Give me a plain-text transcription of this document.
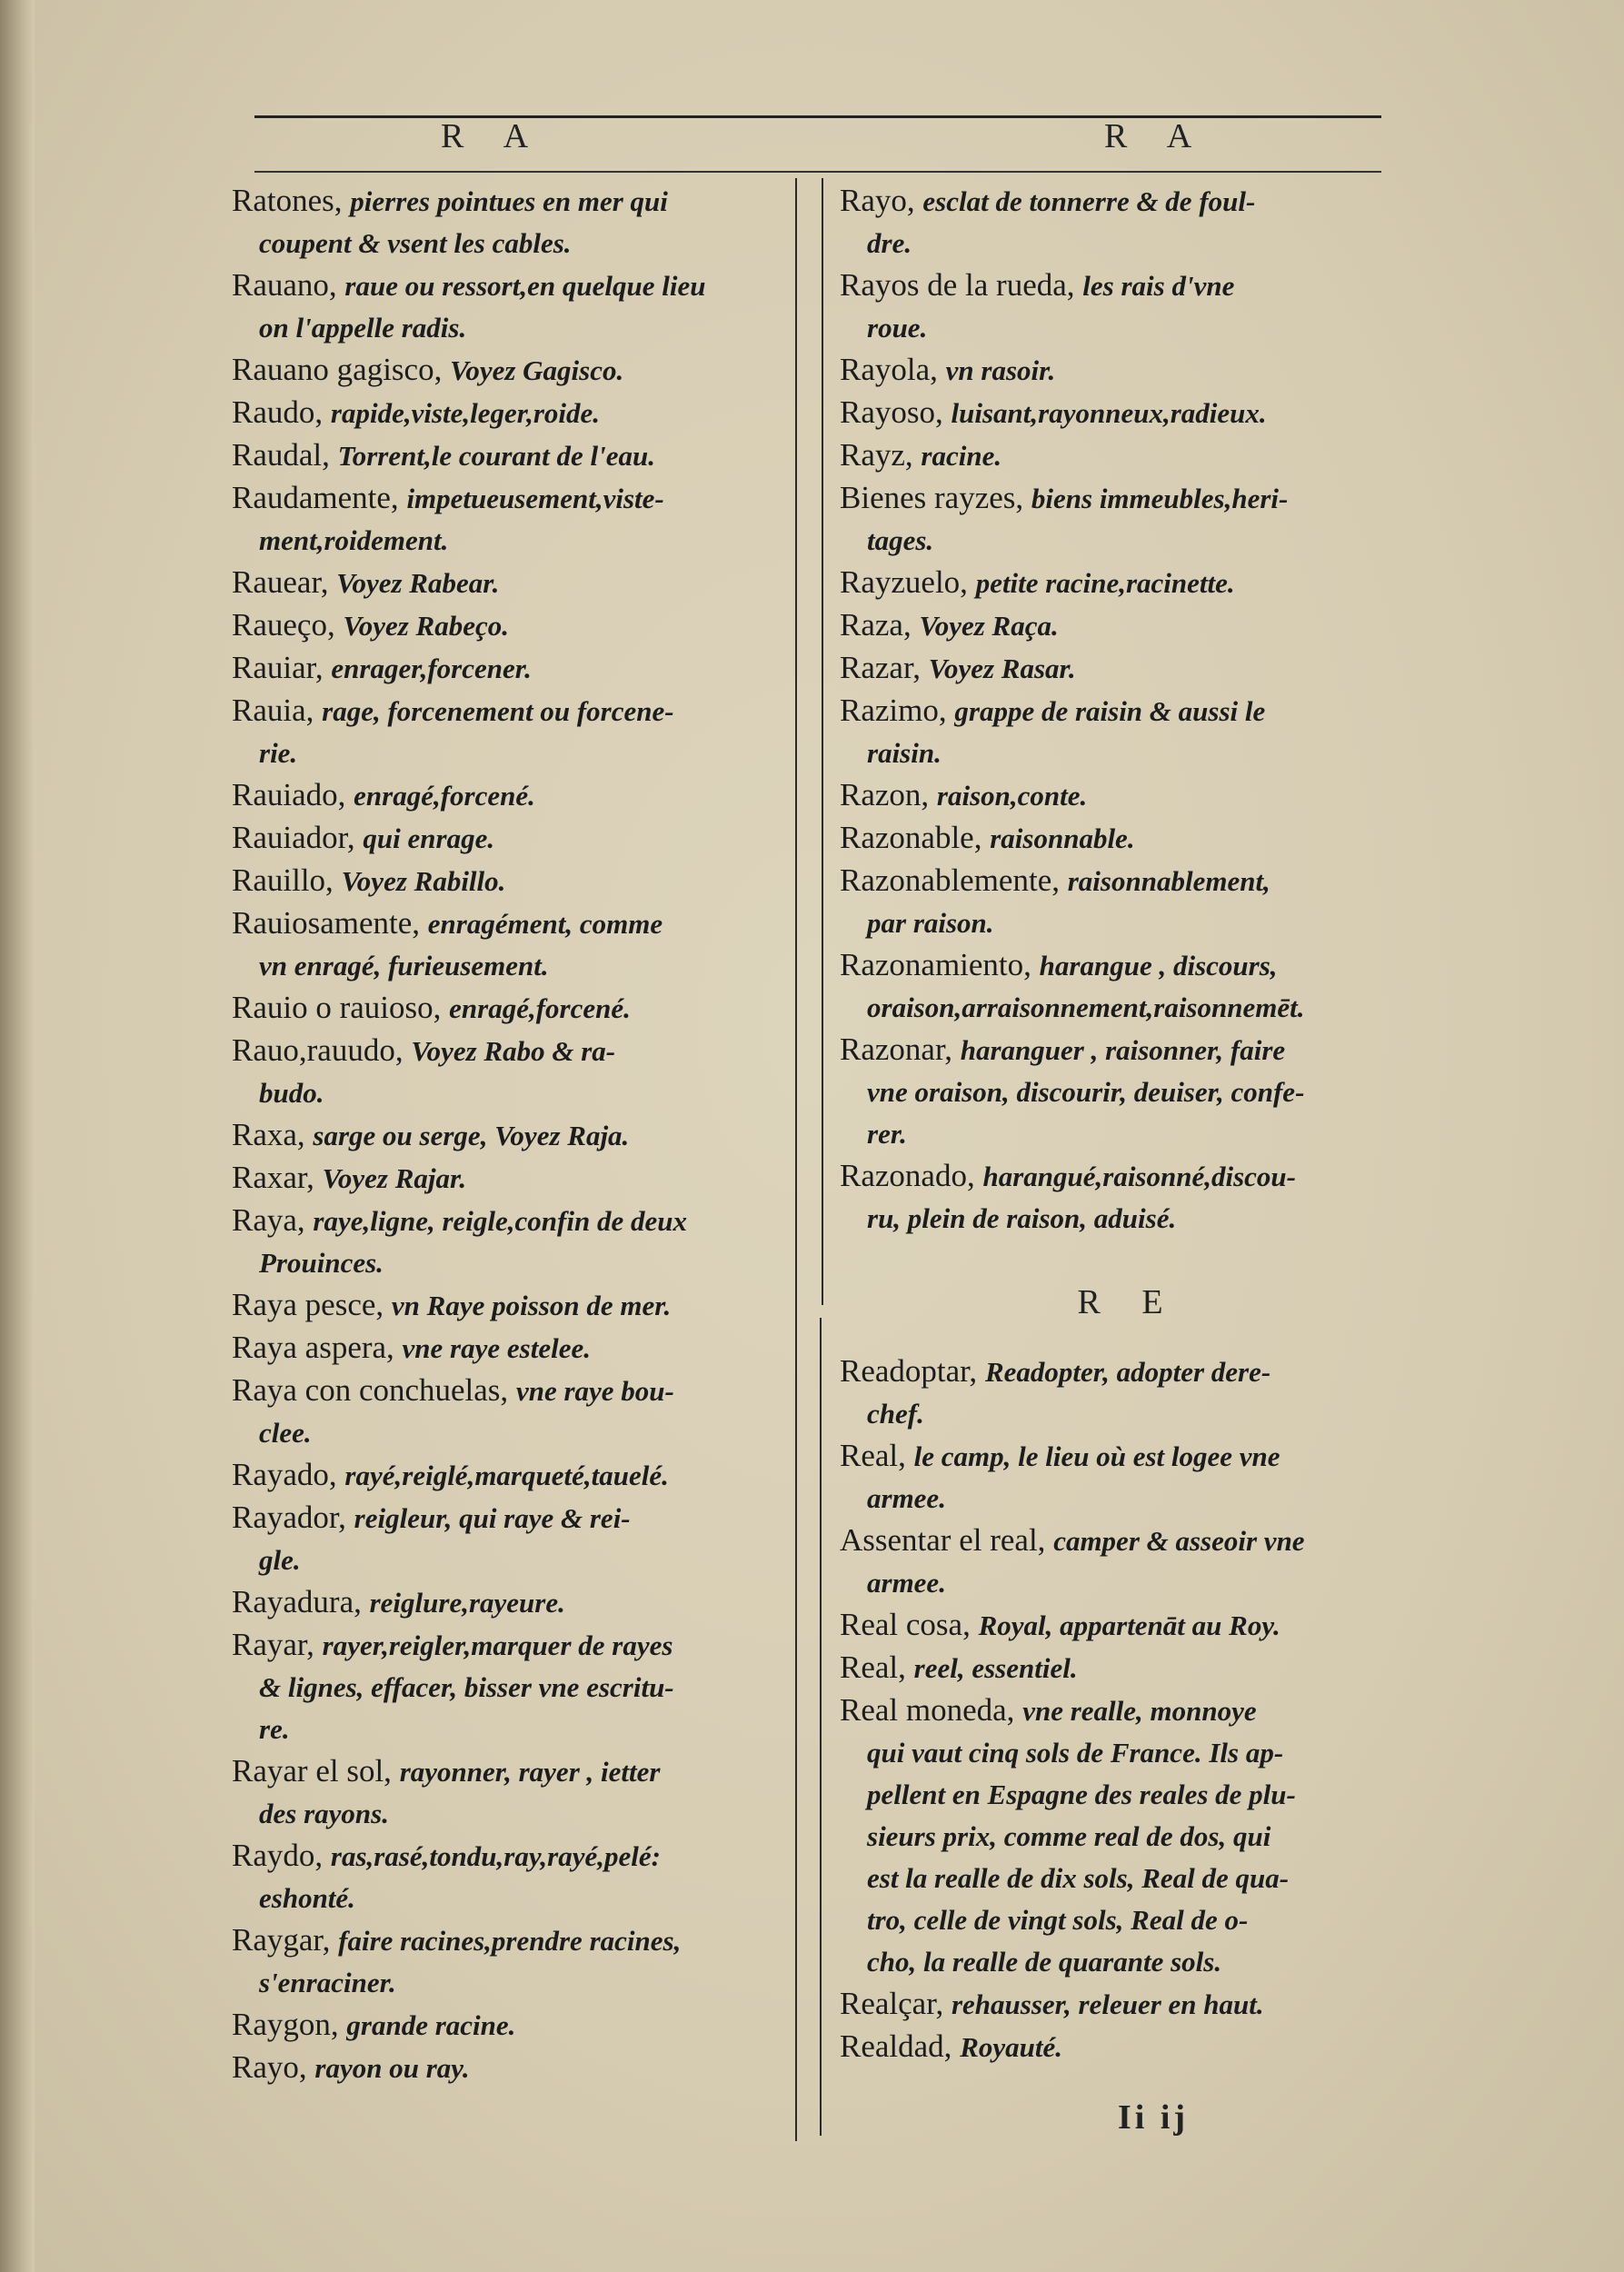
R A	R A

Ratones, pierres pointues en mer qui
coupent & vsent les cables.

Rauano, raue ou ressort,en quelque lieu
on l'appelle radis.

Rauano gagisco, Voyez Gagisco.

Raudo, rapide,viste,leger,roide.

Raudal, Torrent,le courant de l'eau.

Raudamente, impetueusement,viste-
ment,roidement.

Rauear, Voyez Rabear.

Raueço, Voyez Rabeço.

Rauiar, enrager,forcener.

Rauia, rage, forcenement ou forcene-
rie.

Rauiado, enragé,forcené.

Rauiador, qui enrage.

Rauillo, Voyez Rabillo.

Rauiosamente, enragément, comme
vn enragé, furieusement.

Rauio o rauioso, enragé,forcené.

Rauo,rauudo, Voyez Rabo & ra-
budo.

Raxa, sarge ou serge, Voyez Raja.

Raxar, Voyez Rajar.

Raya, raye,ligne, reigle,confin de deux
Prouinces.

Raya pesce, vn Raye poisson de mer.

Raya aspera, vne raye estelee.

Raya con conchuelas, vne raye bou-
clee.

Rayado, rayé,reiglé,marqueté,tauelé.

Rayador, reigleur, qui raye & rei-
gle.

Rayadura, reiglure,rayeure.

Rayar, rayer,reigler,marquer de rayes
& lignes, effacer, bisser vne escritu-
re.

Rayar el sol, rayonner, rayer , ietter
des rayons.

Raydo, ras,rasé,tondu,ray,rayé,pelé:
eshonté.

Raygar, faire racines,prendre racines,
s'enraciner.

Raygon, grande racine.

Rayo, rayon ou ray.

Rayo, esclat de tonnerre & de foul-
dre.

Rayos de la rueda, les rais d'vne
roue.

Rayola, vn rasoir.

Rayoso, luisant,rayonneux,radieux.

Rayz, racine.

Bienes rayzes, biens immeubles,heri-
tages.

Rayzuelo, petite racine,racinette.

Raza, Voyez Raça.

Razar, Voyez Rasar.

Razimo, grappe de raisin & aussi le
raisin.

Razon, raison,conte.

Razonable, raisonnable.

Razonablemente, raisonnablement,
par raison.

Razonamiento, harangue , discours,
oraison,arraisonnement,raisonnemēt.

Razonar, haranguer , raisonner, faire
vne oraison, discourir, deuiser, confe-
rer.

Razonado, harangué,raisonné,discou-
ru, plein de raison, aduisé.

R E

Readoptar, Readopter, adopter dere-
chef.

Real, le camp, le lieu où est logee vne
armee.

Assentar el real, camper & asseoir vne
armee.

Real cosa, Royal, appartenāt au Roy.

Real, reel, essentiel.

Real moneda, vne realle, monnoye
qui vaut cinq sols de France. Ils ap-
pellent en Espagne des reales de plu-
sieurs prix, comme real de dos, qui
est la realle de dix sols, Real de qua-
tro, celle de vingt sols, Real de o-
cho, la realle de quarante sols.

Realçar, rehausser, releuer en haut.

Realdad, Royauté.

Ii ij
